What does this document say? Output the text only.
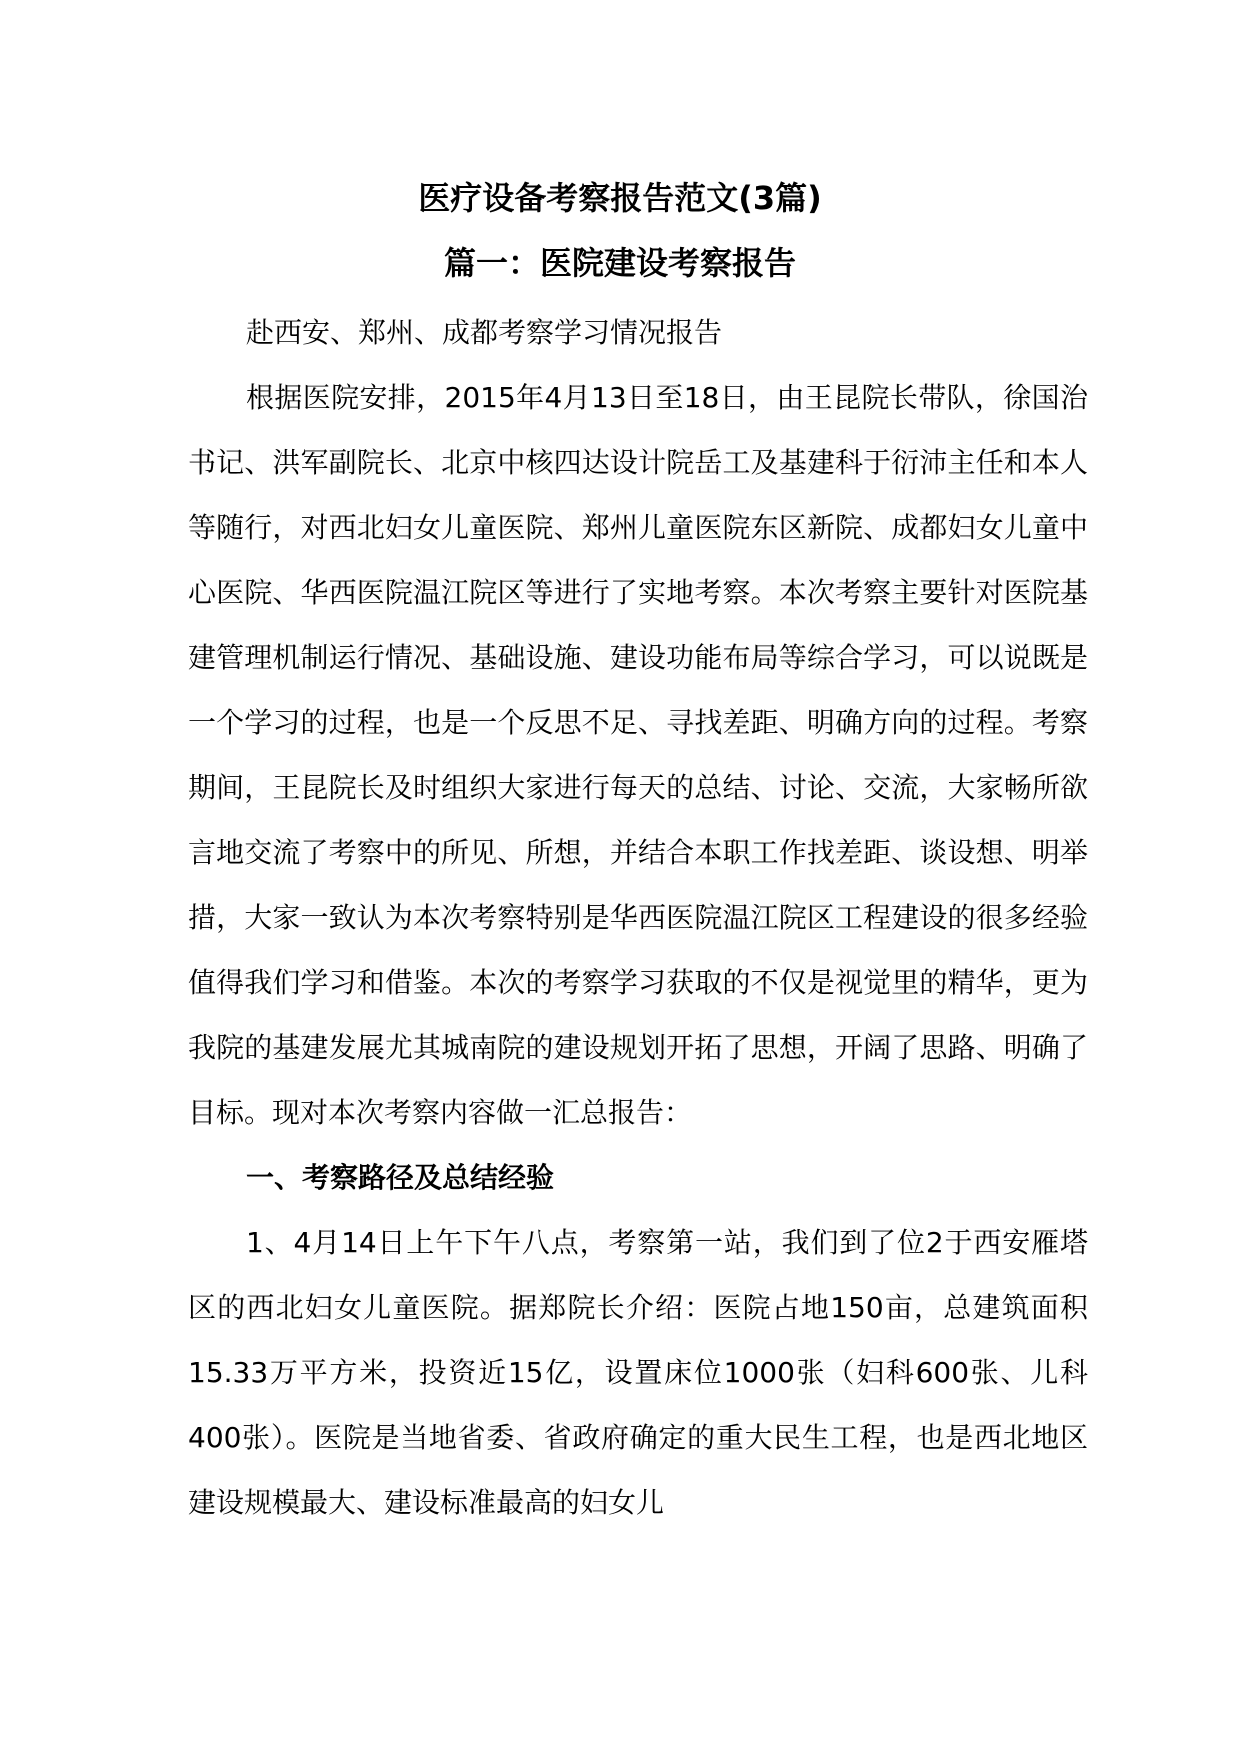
医疗设备考察报告范文(3篇)
篇一：医院建设考察报告

赴西安、郑州、成都考察学习情况报告

根据医院安排，2015年4月13日至18日，由王昆院长带队，徐国治书记、洪军副院长、北京中核四达设计院岳工及基建科于衍沛主任和本人等随行，对西北妇女儿童医院、郑州儿童医院东区新院、成都妇女儿童中心医院、华西医院温江院区等进行了实地考察。本次考察主要针对医院基建管理机制运行情况、基础设施、建设功能布局等综合学习，可以说既是一个学习的过程，也是一个反思不足、寻找差距、明确方向的过程。考察期间，王昆院长及时组织大家进行每天的总结、讨论、交流，大家畅所欲言地交流了考察中的所见、所想，并结合本职工作找差距、谈设想、明举措，大家一致认为本次考察特别是华西医院温江院区工程建设的很多经验值得我们学习和借鉴。本次的考察学习获取的不仅是视觉里的精华，更为我院的基建发展尤其城南院的建设规划开拓了思想，开阔了思路、明确了目标。现对本次考察内容做一汇总报告：

一、考察路径及总结经验

1、4月14日上午下午八点，考察第一站，我们到了位2于西安雁塔区的西北妇女儿童医院。据郑院长介绍：医院占地150亩，总建筑面积15.33万平方米，投资近15亿，设置床位1000张（妇科600张、儿科400张）。医院是当地省委、省政府确定的重大民生工程，也是西北地区建设规模最大、建设标准最高的妇女儿
